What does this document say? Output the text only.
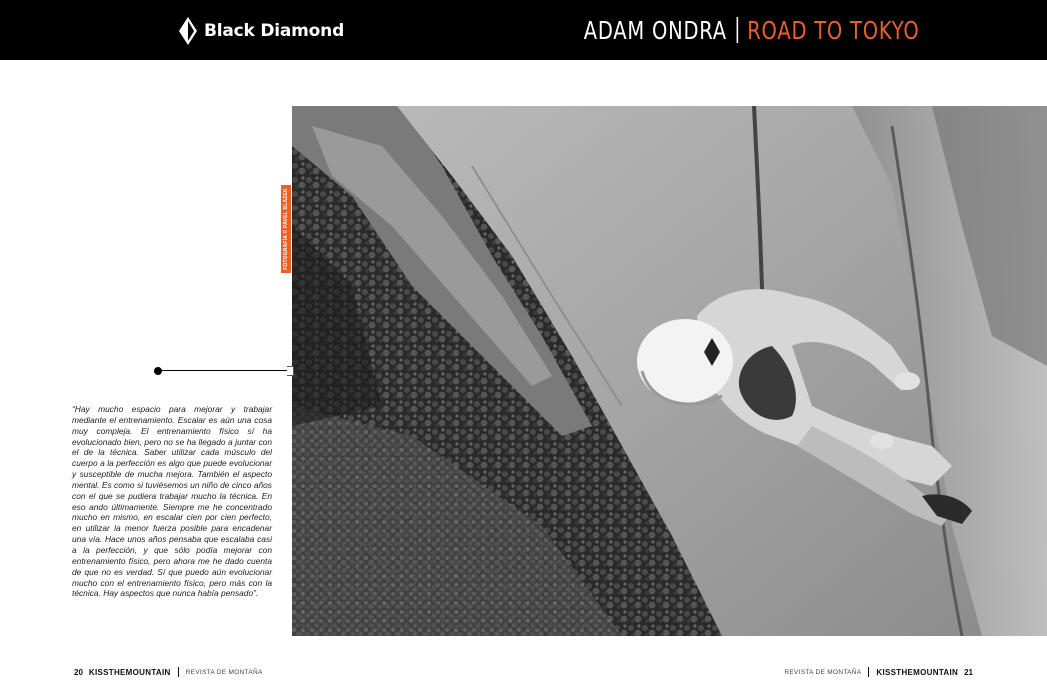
Black Diamond	ADAM ONDRA ROAD TO TOKYO
FOTOGRAFÍA © PAVEL BLAZEK

“Hay mucho espacio para mejorar y trabajar mediante el entrenamiento. Escalar es aún una cosa muy compleja. El entrenamiento físico sí ha evolucionado bien, pero no se ha llegado a juntar con el de la técnica. Saber utilizar cada músculo del cuerpo a la perfección es algo que puede evolucionar y susceptible de mucha mejora. También el aspecto mental. Es como si tuviésemos un niño de cinco años con el que se pudiera trabajar mucho la técnica. En eso ando últimamente. Siempre me he concentrado mucho en mismo, en escalar cien por cien perfecto, en utilizar la menor fuerza posible para encadenar una vía. Hace unos años pensaba que escalaba casi a la perfección, y que sólo podía mejorar con entrenamiento físico, pero ahora me he dado cuenta de que no es verdad. Sí que puedo aún evolucionar mucho con el entrenamiento físico, pero más con la técnica. Hay aspectos que nunca había pensado”.

20 KISSTHEMOUNTAIN REVISTA DE MONTAÑA	REVISTA DE MONTAÑA KISSTHEMOUNTAIN 21
